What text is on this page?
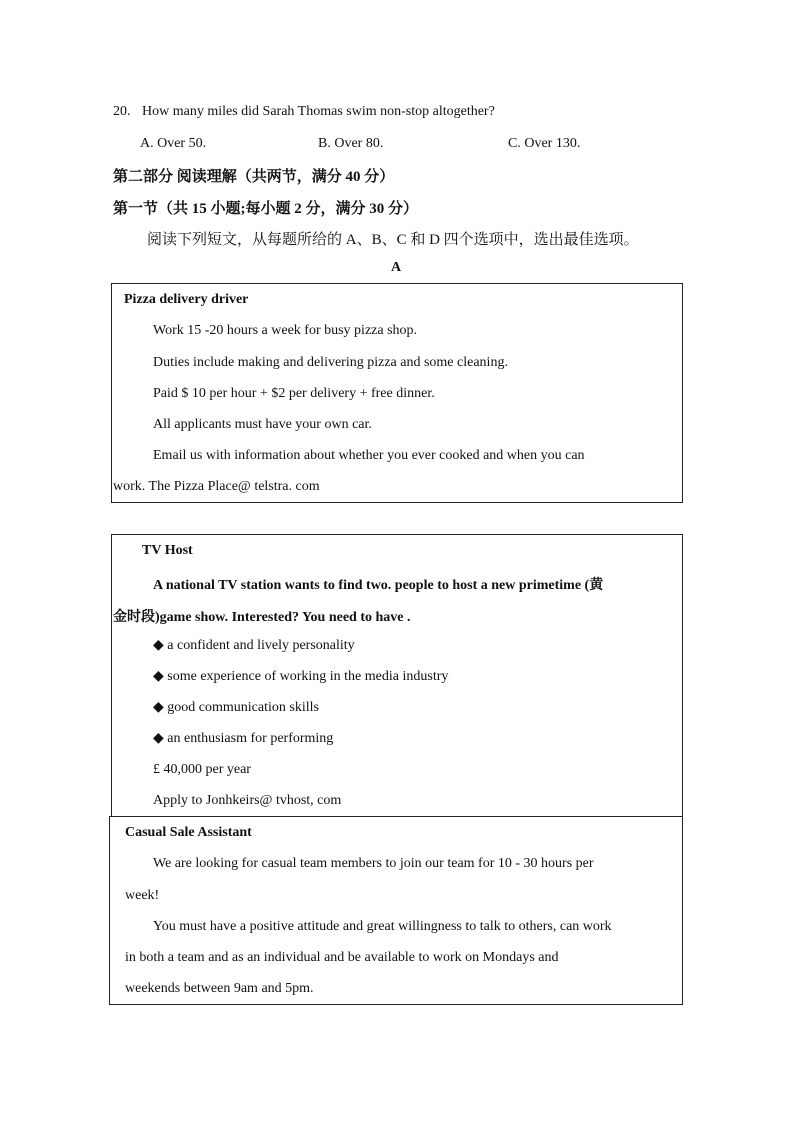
20. How many miles did Sarah Thomas swim non-stop altogether?
A. Over 50.	B. Over 80.	C. Over 130.
第二部分 阅读理解（共两节，满分 40 分）
第一节（共 15 小题;每小题 2 分，满分 30 分）
阅读下列短文，从每题所给的 A、B、C 和 D 四个选项中，选出最佳选项。
A
Pizza delivery driver
Work 15 -20 hours a week for busy pizza shop.
Duties include making and delivering pizza and some cleaning.
Paid $ 10 per hour + $2 per delivery + free dinner.
All applicants must have your own car.
Email us with information about whether you ever cooked and when you can
work. The Pizza Place@ telstra. com
TV Host
A national TV station wants to find two. people to host a new primetime (黄
金时段)game show. Interested? You need to have .
◆ a confident and lively personality
◆ some experience of working in the media industry
◆ good communication skills
◆ an enthusiasm for performing
£ 40,000 per year
Apply to Jonhkeirs@ tvhost, com
Casual Sale Assistant
We are looking for casual team members to join our team for 10 - 30 hours per
week!
You must have a positive attitude and great willingness to talk to others, can work
in both a team and as an individual and be available to work on Mondays and
weekends between 9am and 5pm.
